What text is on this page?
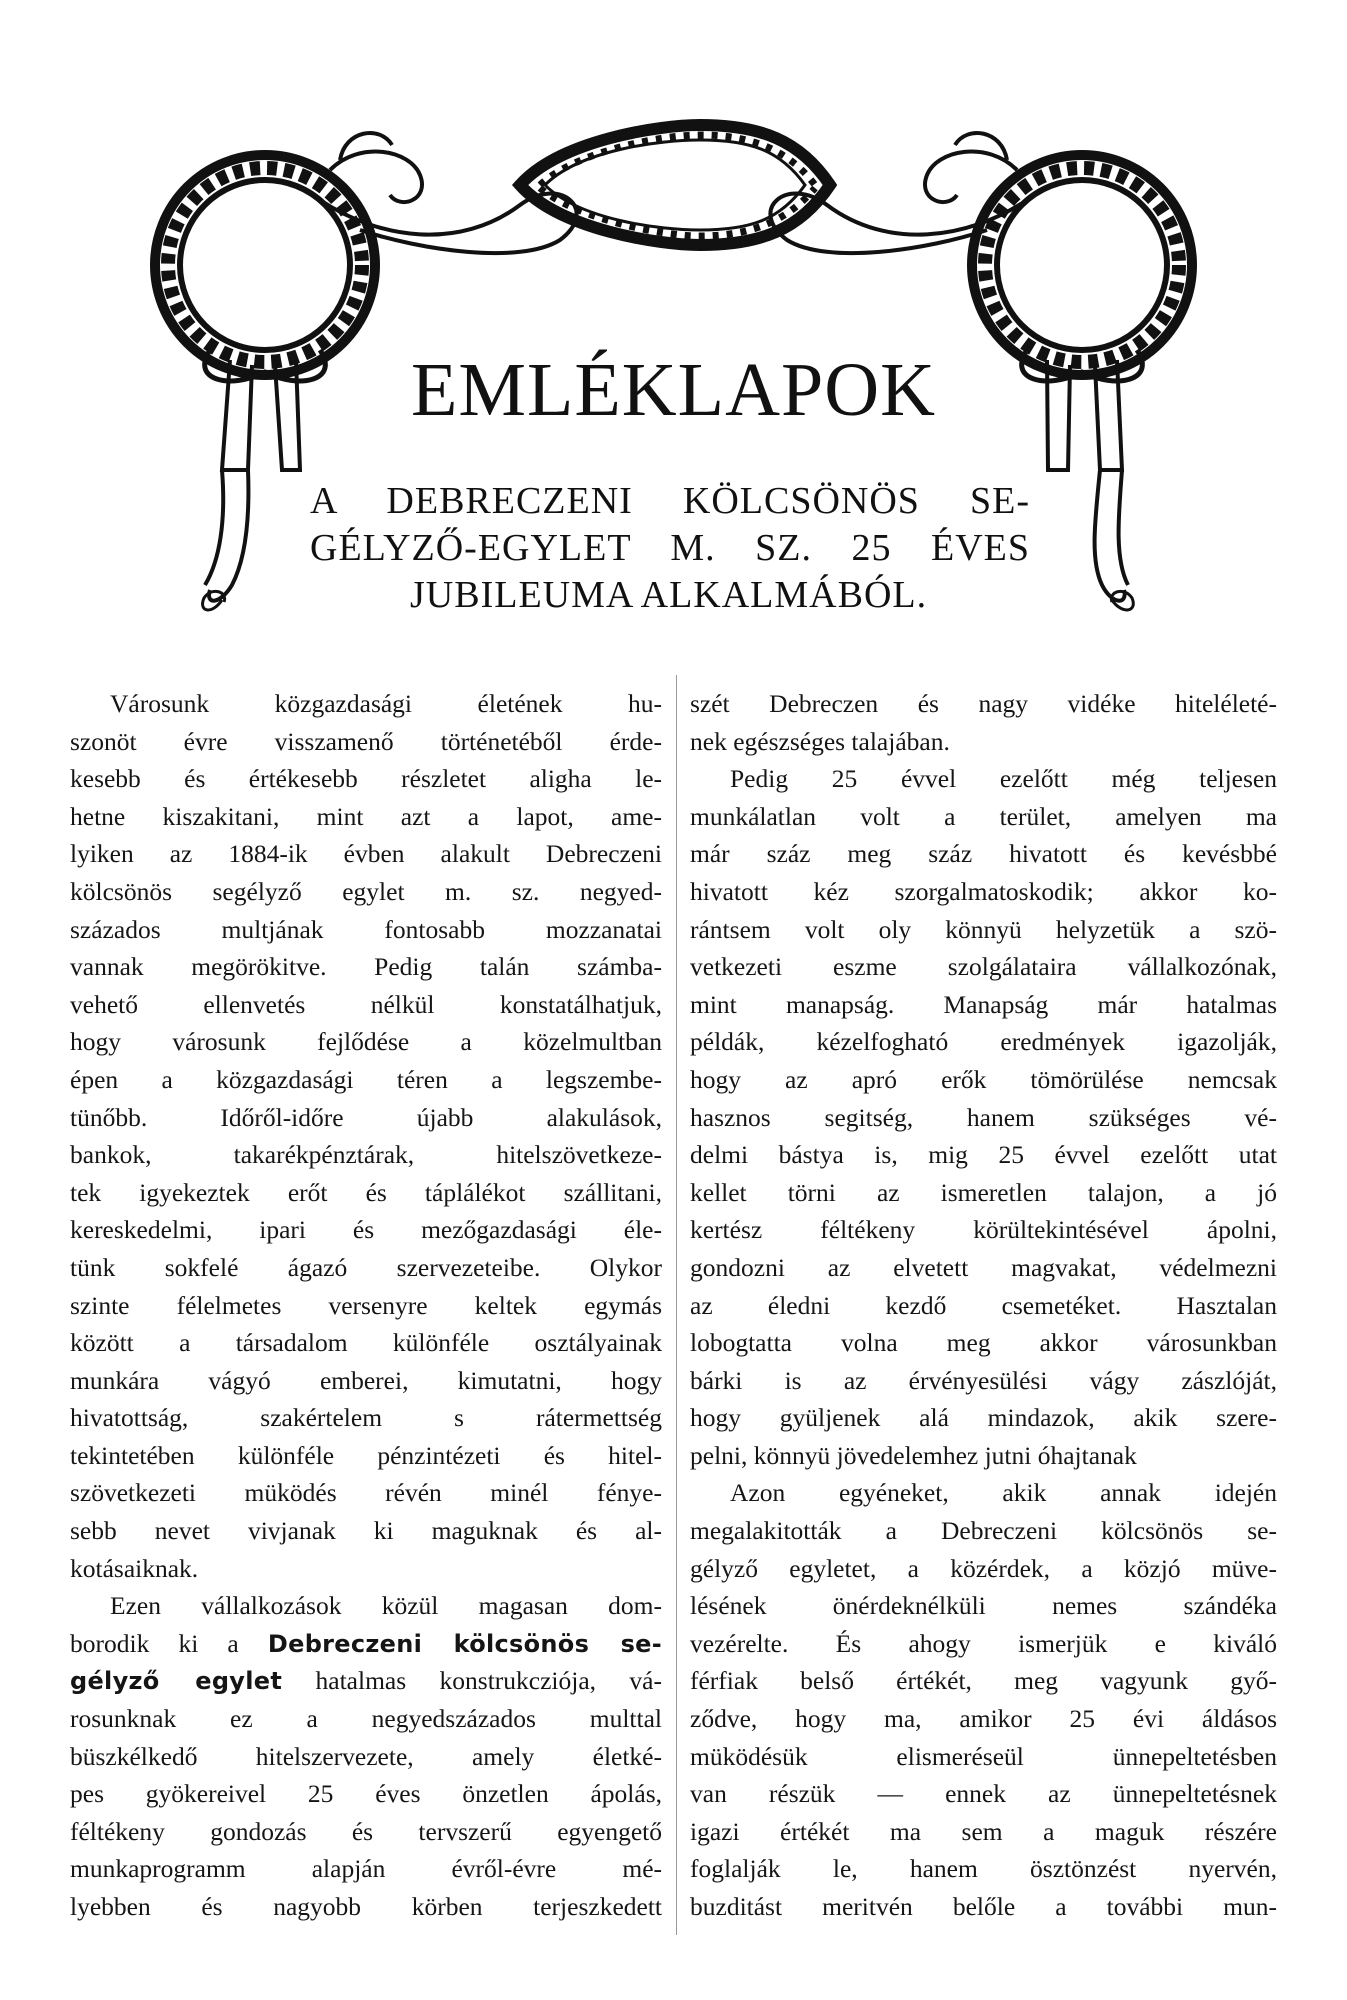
EMLÉKLAPOK
A DEBRECZENI KÖLCSÖNÖS SE-
GÉLYZŐ-EGYLET M. SZ. 25 ÉVES
JUBILEUMA ALKALMÁBÓL.
Városunk közgazdasági életének hu-
szonöt évre visszamenő történetéből érde-
kesebb és értékesebb részletet aligha le-
hetne kiszakitani, mint azt a lapot, ame-
lyiken az 1884-ik évben alakult Debreczeni
kölcsönös segélyző egylet m. sz. negyed-
százados multjának fontosabb mozzanatai
vannak megörökitve. Pedig talán számba-
vehető ellenvetés nélkül konstatálhatjuk,
hogy városunk fejlődése a közelmultban
épen a közgazdasági téren a legszembe-
tünőbb. Időről-időre újabb alakulások,
bankok, takarékpénztárak, hitelszövetkeze-
tek igyekeztek erőt és táplálékot szállitani,
kereskedelmi, ipari és mezőgazdasági éle-
tünk sokfelé ágazó szervezeteibe. Olykor
szinte félelmetes versenyre keltek egymás
között a társadalom különféle osztályainak
munkára vágyó emberei, kimutatni, hogy
hivatottság, szakértelem s rátermettség
tekintetében különféle pénzintézeti és hitel-
szövetkezeti müködés révén minél fénye-
sebb nevet vivjanak ki maguknak és al-
kotásaiknak.
Ezen vállalkozások közül magasan dom-
borodik ki a Debreczeni kölcsönös se-
gélyző egylet hatalmas konstrukcziója, vá-
rosunknak ez a negyedszázados multtal
büszkélkedő hitelszervezete, amely életké-
pes gyökereivel 25 éves önzetlen ápolás,
féltékeny gondozás és tervszerű egyengető
munkaprogramm alapján évről-évre mé-
lyebben és nagyobb körben terjeszkedett
szét Debreczen és nagy vidéke hiteléleté-
nek egészséges talajában.
Pedig 25 évvel ezelőtt még teljesen
munkálatlan volt a terület, amelyen ma
már száz meg száz hivatott és kevésbbé
hivatott kéz szorgalmatoskodik; akkor ko-
rántsem volt oly könnyü helyzetük a szö-
vetkezeti eszme szolgálataira vállalkozónak,
mint manapság. Manapság már hatalmas
példák, kézelfogható eredmények igazolják,
hogy az apró erők tömörülése nemcsak
hasznos segitség, hanem szükséges vé-
delmi bástya is, mig 25 évvel ezelőtt utat
kellet törni az ismeretlen talajon, a jó
kertész féltékeny körültekintésével ápolni,
gondozni az elvetett magvakat, védelmezni
az éledni kezdő csemetéket. Hasztalan
lobogtatta volna meg akkor városunkban
bárki is az érvényesülési vágy zászlóját,
hogy gyüljenek alá mindazok, akik szere-
pelni, könnyü jövedelemhez jutni óhajtanak
Azon egyéneket, akik annak idején
megalakitották a Debreczeni kölcsönös se-
gélyző egyletet, a közérdek, a közjó müve-
lésének önérdeknélküli nemes szándéka
vezérelte. És ahogy ismerjük e kiváló
férfiak belső értékét, meg vagyunk győ-
ződve, hogy ma, amikor 25 évi áldásos
müködésük elismeréseül ünnepeltetésben
van részük — ennek az ünnepeltetésnek
igazi értékét ma sem a maguk részére
foglalják le, hanem ösztönzést nyervén,
buzditást meritvén belőle a további mun-
